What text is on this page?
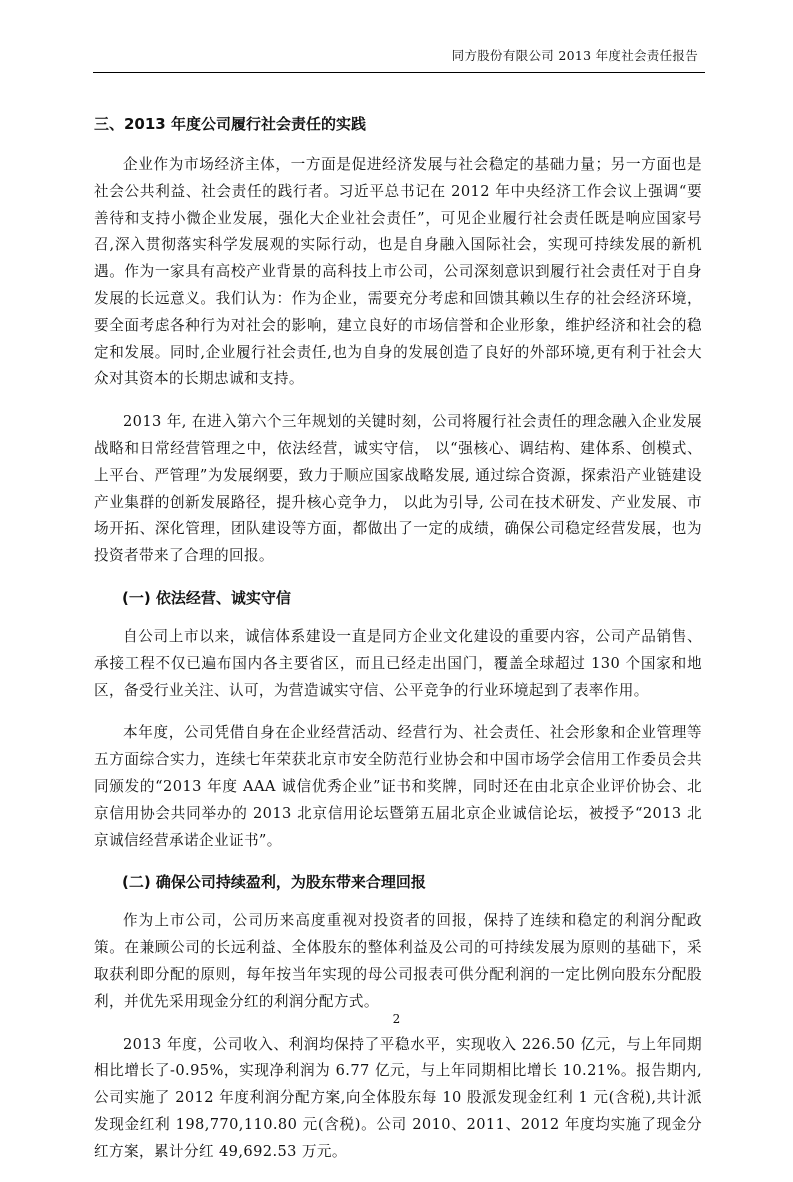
同方股份有限公司 2013 年度社会责任报告
三、2013 年度公司履行社会责任的实践

企业作为市场经济主体，一方面是促进经济发展与社会稳定的基础力量；另一方面也是社会公共利益、社会责任的践行者。习近平总书记在 2012 年中央经济工作会议上强调“要善待和支持小微企业发展，强化大企业社会责任”，可见企业履行社会责任既是响应国家号召,深入贯彻落实科学发展观的实际行动，也是自身融入国际社会，实现可持续发展的新机遇。作为一家具有高校产业背景的高科技上市公司，公司深刻意识到履行社会责任对于自身发展的长远意义。我们认为：作为企业，需要充分考虑和回馈其赖以生存的社会经济环境，要全面考虑各种行为对社会的影响，建立良好的市场信誉和企业形象，维护经济和社会的稳定和发展。同时,企业履行社会责任,也为自身的发展创造了良好的外部环境,更有利于社会大众对其资本的长期忠诚和支持。

2013 年, 在进入第六个三年规划的关键时刻，公司将履行社会责任的理念融入企业发展战略和日常经营管理之中，依法经营，诚实守信， 以“强核心、调结构、建体系、创模式、上平台、严管理”为发展纲要，致力于顺应国家战略发展, 通过综合资源，探索沿产业链建设产业集群的创新发展路径，提升核心竞争力， 以此为引导, 公司在技术研发、产业发展、市场开拓、深化管理，团队建设等方面，都做出了一定的成绩，确保公司稳定经营发展，也为投资者带来了合理的回报。

(一) 依法经营、诚实守信

自公司上市以来，诚信体系建设一直是同方企业文化建设的重要内容，公司产品销售、承接工程不仅已遍布国内各主要省区，而且已经走出国门，覆盖全球超过 130 个国家和地区，备受行业关注、认可，为营造诚实守信、公平竞争的行业环境起到了表率作用。

本年度，公司凭借自身在企业经营活动、经营行为、社会责任、社会形象和企业管理等五方面综合实力，连续七年荣获北京市安全防范行业协会和中国市场学会信用工作委员会共同颁发的“2013 年度 AAA 诚信优秀企业”证书和奖牌，同时还在由北京企业评价协会、北京信用协会共同举办的 2013 北京信用论坛暨第五届北京企业诚信论坛，被授予“2013 北京诚信经营承诺企业证书”。

(二) 确保公司持续盈利，为股东带来合理回报

作为上市公司，公司历来高度重视对投资者的回报，保持了连续和稳定的利润分配政策。在兼顾公司的长远利益、全体股东的整体利益及公司的可持续发展为原则的基础下，采取获利即分配的原则，每年按当年实现的母公司报表可供分配利润的一定比例向股东分配股利，并优先采用现金分红的利润分配方式。

2013 年度，公司收入、利润均保持了平稳水平，实现收入 226.50 亿元，与上年同期相比增长了-0.95%，实现净利润为 6.77 亿元，与上年同期相比增长 10.21%。报告期内,公司实施了 2012 年度利润分配方案,向全体股东每 10 股派发现金红利 1 元(含税),共计派发现金红利 198,770,110.80 元(含税)。公司 2010、2011、2012 年度均实施了现金分红方案，累计分红 49,692.53 万元。

2
